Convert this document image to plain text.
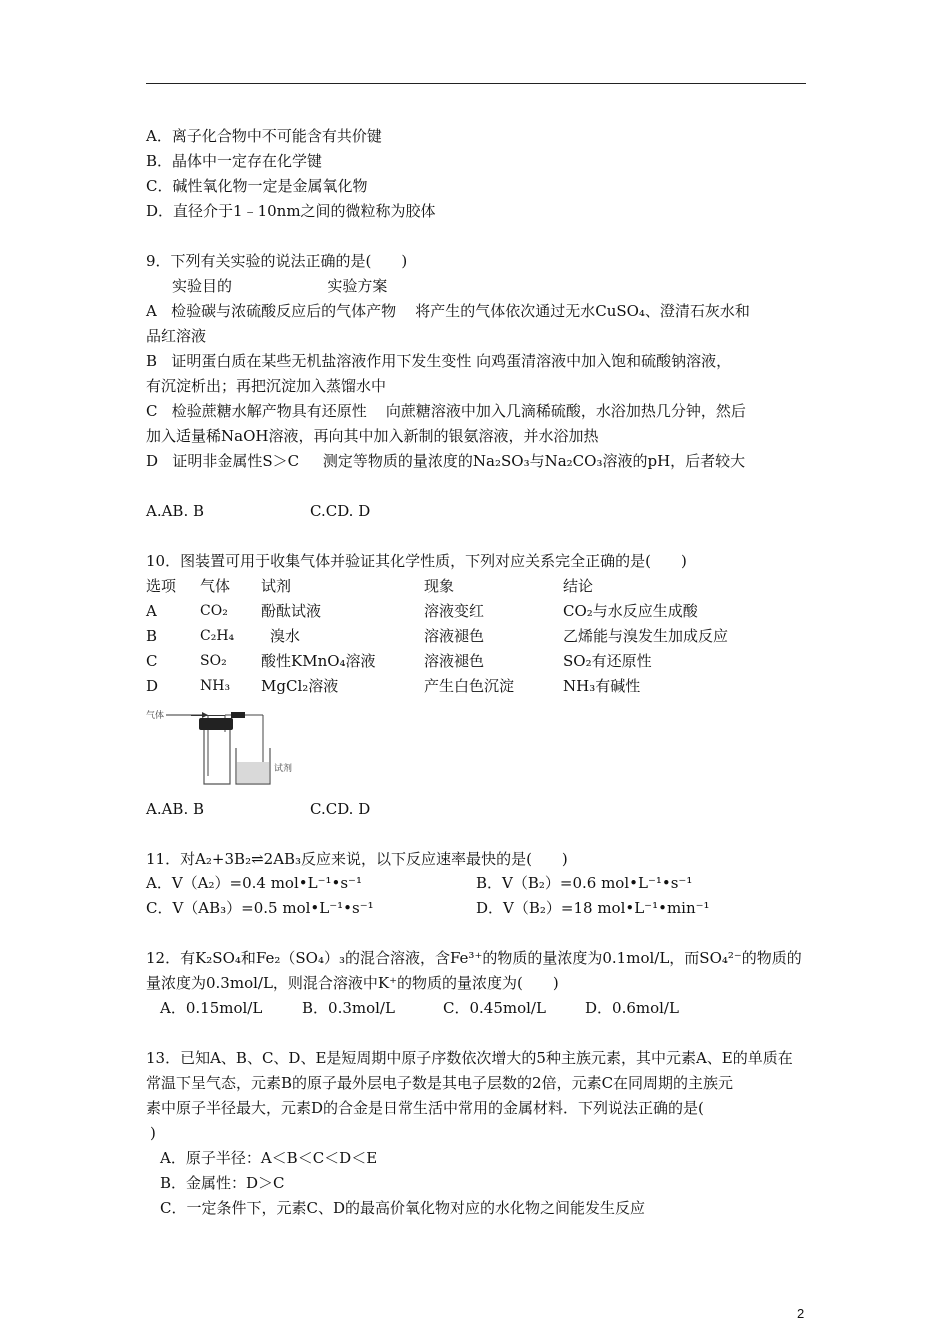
A．离子化合物中不可能含有共价键
B．晶体中一定存在化学键
C．碱性氧化物一定是金属氧化物
D．直径介于1﹣10nm之间的微粒称为胶体
9．下列有关实验的说法正确的是(　　)
实验目的                    实验方案
A   检验碳与浓硫酸反应后的气体产物    将产生的气体依次通过无水CuSO₄、澄清石灰水和
品红溶液
B   证明蛋白质在某些无机盐溶液作用下发生变性 向鸡蛋清溶液中加入饱和硫酸钠溶液，
有沉淀析出；再把沉淀加入蒸馏水中
C   检验蔗糖水解产物具有还原性    向蔗糖溶液中加入几滴稀硫酸，水浴加热几分钟，然后
加入适量稀NaOH溶液，再向其中加入新制的银氨溶液，并水浴加热
D   证明非金属性S＞C     测定等物质的量浓度的Na₂SO₃与Na₂CO₃溶液的pH，后者较大
A.AB. B	C.CD. D
10．图装置可用于收集气体并验证其化学性质，下列对应关系完全正确的是(　　)
选项 气体 试剂	现象	结论
A	CO₂ 酚酞试液	溶液变红	CO₂与水反应生成酸
B	C₂H₄ 溴水	溶液褪色	乙烯能与溴发生加成反应
C	SO₂ 酸性KMnO₄溶液	溶液褪色	SO₂有还原性
D	NH₃ MgCl₂溶液	产生白色沉淀	NH₃有碱性
气体
试剂
A.AB. B	C.CD. D
11．对A₂+3B₂⇌2AB₃反应来说，以下反应速率最快的是(　　)
A．V（A₂）=0.4 mol•L⁻¹•s⁻¹	B．V（B₂）=0.6 mol•L⁻¹•s⁻¹
C．V（AB₃）=0.5 mol•L⁻¹•s⁻¹	D．V（B₂）=18 mol•L⁻¹•min⁻¹
12．有K₂SO₄和Fe₂（SO₄）₃的混合溶液，含Fe³⁺的物质的量浓度为0.1mol/L，而SO₄²⁻的物质的
量浓度为0.3mol/L，则混合溶液中K⁺的物质的量浓度为(　　)
A．0.15mol/L	B．0.3mol/L	C．0.45mol/L	D．0.6mol/L
13．已知A、B、C、D、E是短周期中原子序数依次增大的5种主族元素，其中元素A、E的单质在
常温下呈气态，元素B的原子最外层电子数是其电子层数的2倍，元素C在同周期的主族元
素中原子半径最大，元素D的合金是日常生活中常用的金属材料．下列说法正确的是(
)
A．原子半径：A＜B＜C＜D＜E
B．金属性：D＞C
C．一定条件下，元素C、D的最高价氧化物对应的水化物之间能发生反应
2
